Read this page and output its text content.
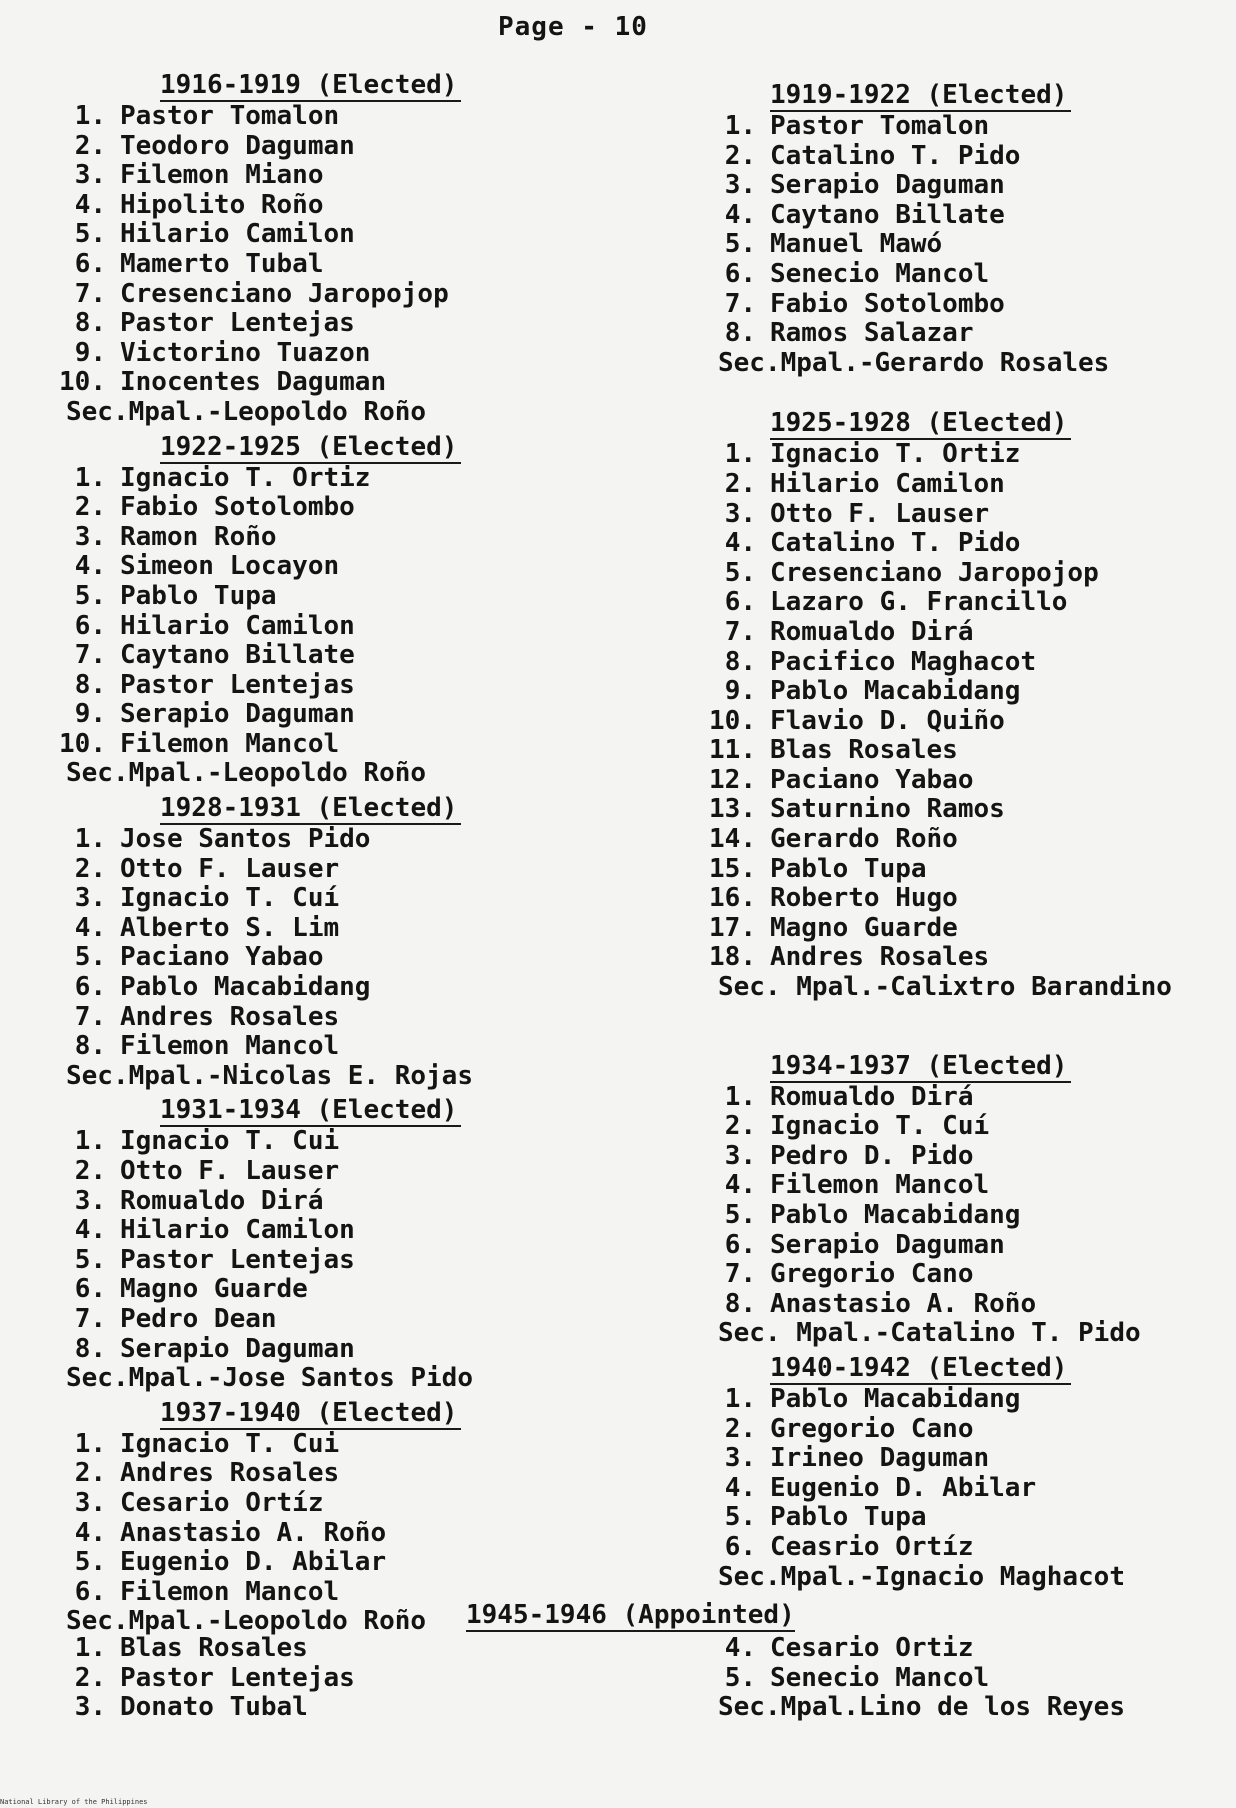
Page - 10
1916-1919 (Elected)
1. Pastor Tomalon
2. Teodoro Daguman
3. Filemon Miano
4. Hipolito Roño
5. Hilario Camilon
6. Mamerto Tubal
7. Cresenciano Jaropojop
8. Pastor Lentejas
9. Victorino Tuazon
10. Inocentes Daguman
Sec.Mpal.-Leopoldo Roño
1922-1925 (Elected)
1. Ignacio T. Ortiz
2. Fabio Sotolombo
3. Ramon Roño
4. Simeon Locayon
5. Pablo Tupa
6. Hilario Camilon
7. Caytano Billate
8. Pastor Lentejas
9. Serapio Daguman
10. Filemon Mancol
Sec.Mpal.-Leopoldo Roño
1928-1931 (Elected)
1. Jose Santos Pido
2. Otto F. Lauser
3. Ignacio T. Cuí
4. Alberto S. Lim
5. Paciano Yabao
6. Pablo Macabidang
7. Andres Rosales
8. Filemon Mancol
Sec.Mpal.-Nicolas E. Rojas
1931-1934 (Elected)
1. Ignacio T. Cui
2. Otto F. Lauser
3. Romualdo Dirá
4. Hilario Camilon
5. Pastor Lentejas
6. Magno Guarde
7. Pedro Dean
8. Serapio Daguman
Sec.Mpal.-Jose Santos Pido
1937-1940 (Elected)
1. Ignacio T. Cui
2. Andres Rosales
3. Cesario Ortíz
4. Anastasio A. Roño
5. Eugenio D. Abilar
6. Filemon Mancol
Sec.Mpal.-Leopoldo Roño
1919-1922 (Elected)
1. Pastor Tomalon
2. Catalino T. Pido
3. Serapio Daguman
4. Caytano Billate
5. Manuel Mawó
6. Senecio Mancol
7. Fabio Sotolombo
8. Ramos Salazar
Sec.Mpal.-Gerardo Rosales
1925-1928 (Elected)
1. Ignacio T. Ortiz
2. Hilario Camilon
3. Otto F. Lauser
4. Catalino T. Pido
5. Cresenciano Jaropojop
6. Lazaro G. Francillo
7. Romualdo Dirá
8. Pacifico Maghacot
9. Pablo Macabidang
10. Flavio D. Quiño
11. Blas Rosales
12. Paciano Yabao
13. Saturnino Ramos
14. Gerardo Roño
15. Pablo Tupa
16. Roberto Hugo
17. Magno Guarde
18. Andres Rosales
Sec. Mpal.-Calixtro Barandino
1934-1937 (Elected)
1. Romualdo Dirá
2. Ignacio T. Cuí
3. Pedro D. Pido
4. Filemon Mancol
5. Pablo Macabidang
6. Serapio Daguman
7. Gregorio Cano
8. Anastasio A. Roño
Sec. Mpal.-Catalino T. Pido
1940-1942 (Elected)
1. Pablo Macabidang
2. Gregorio Cano
3. Irineo Daguman
4. Eugenio D. Abilar
5. Pablo Tupa
6. Ceasrio Ortíz
Sec.Mpal.-Ignacio Maghacot
1945-1946 (Appointed)
1. Blas Rosales
2. Pastor Lentejas
3. Donato Tubal
4. Cesario Ortiz
5. Senecio Mancol
Sec.Mpal.Lino de los Reyes
National Library of the Philippines
